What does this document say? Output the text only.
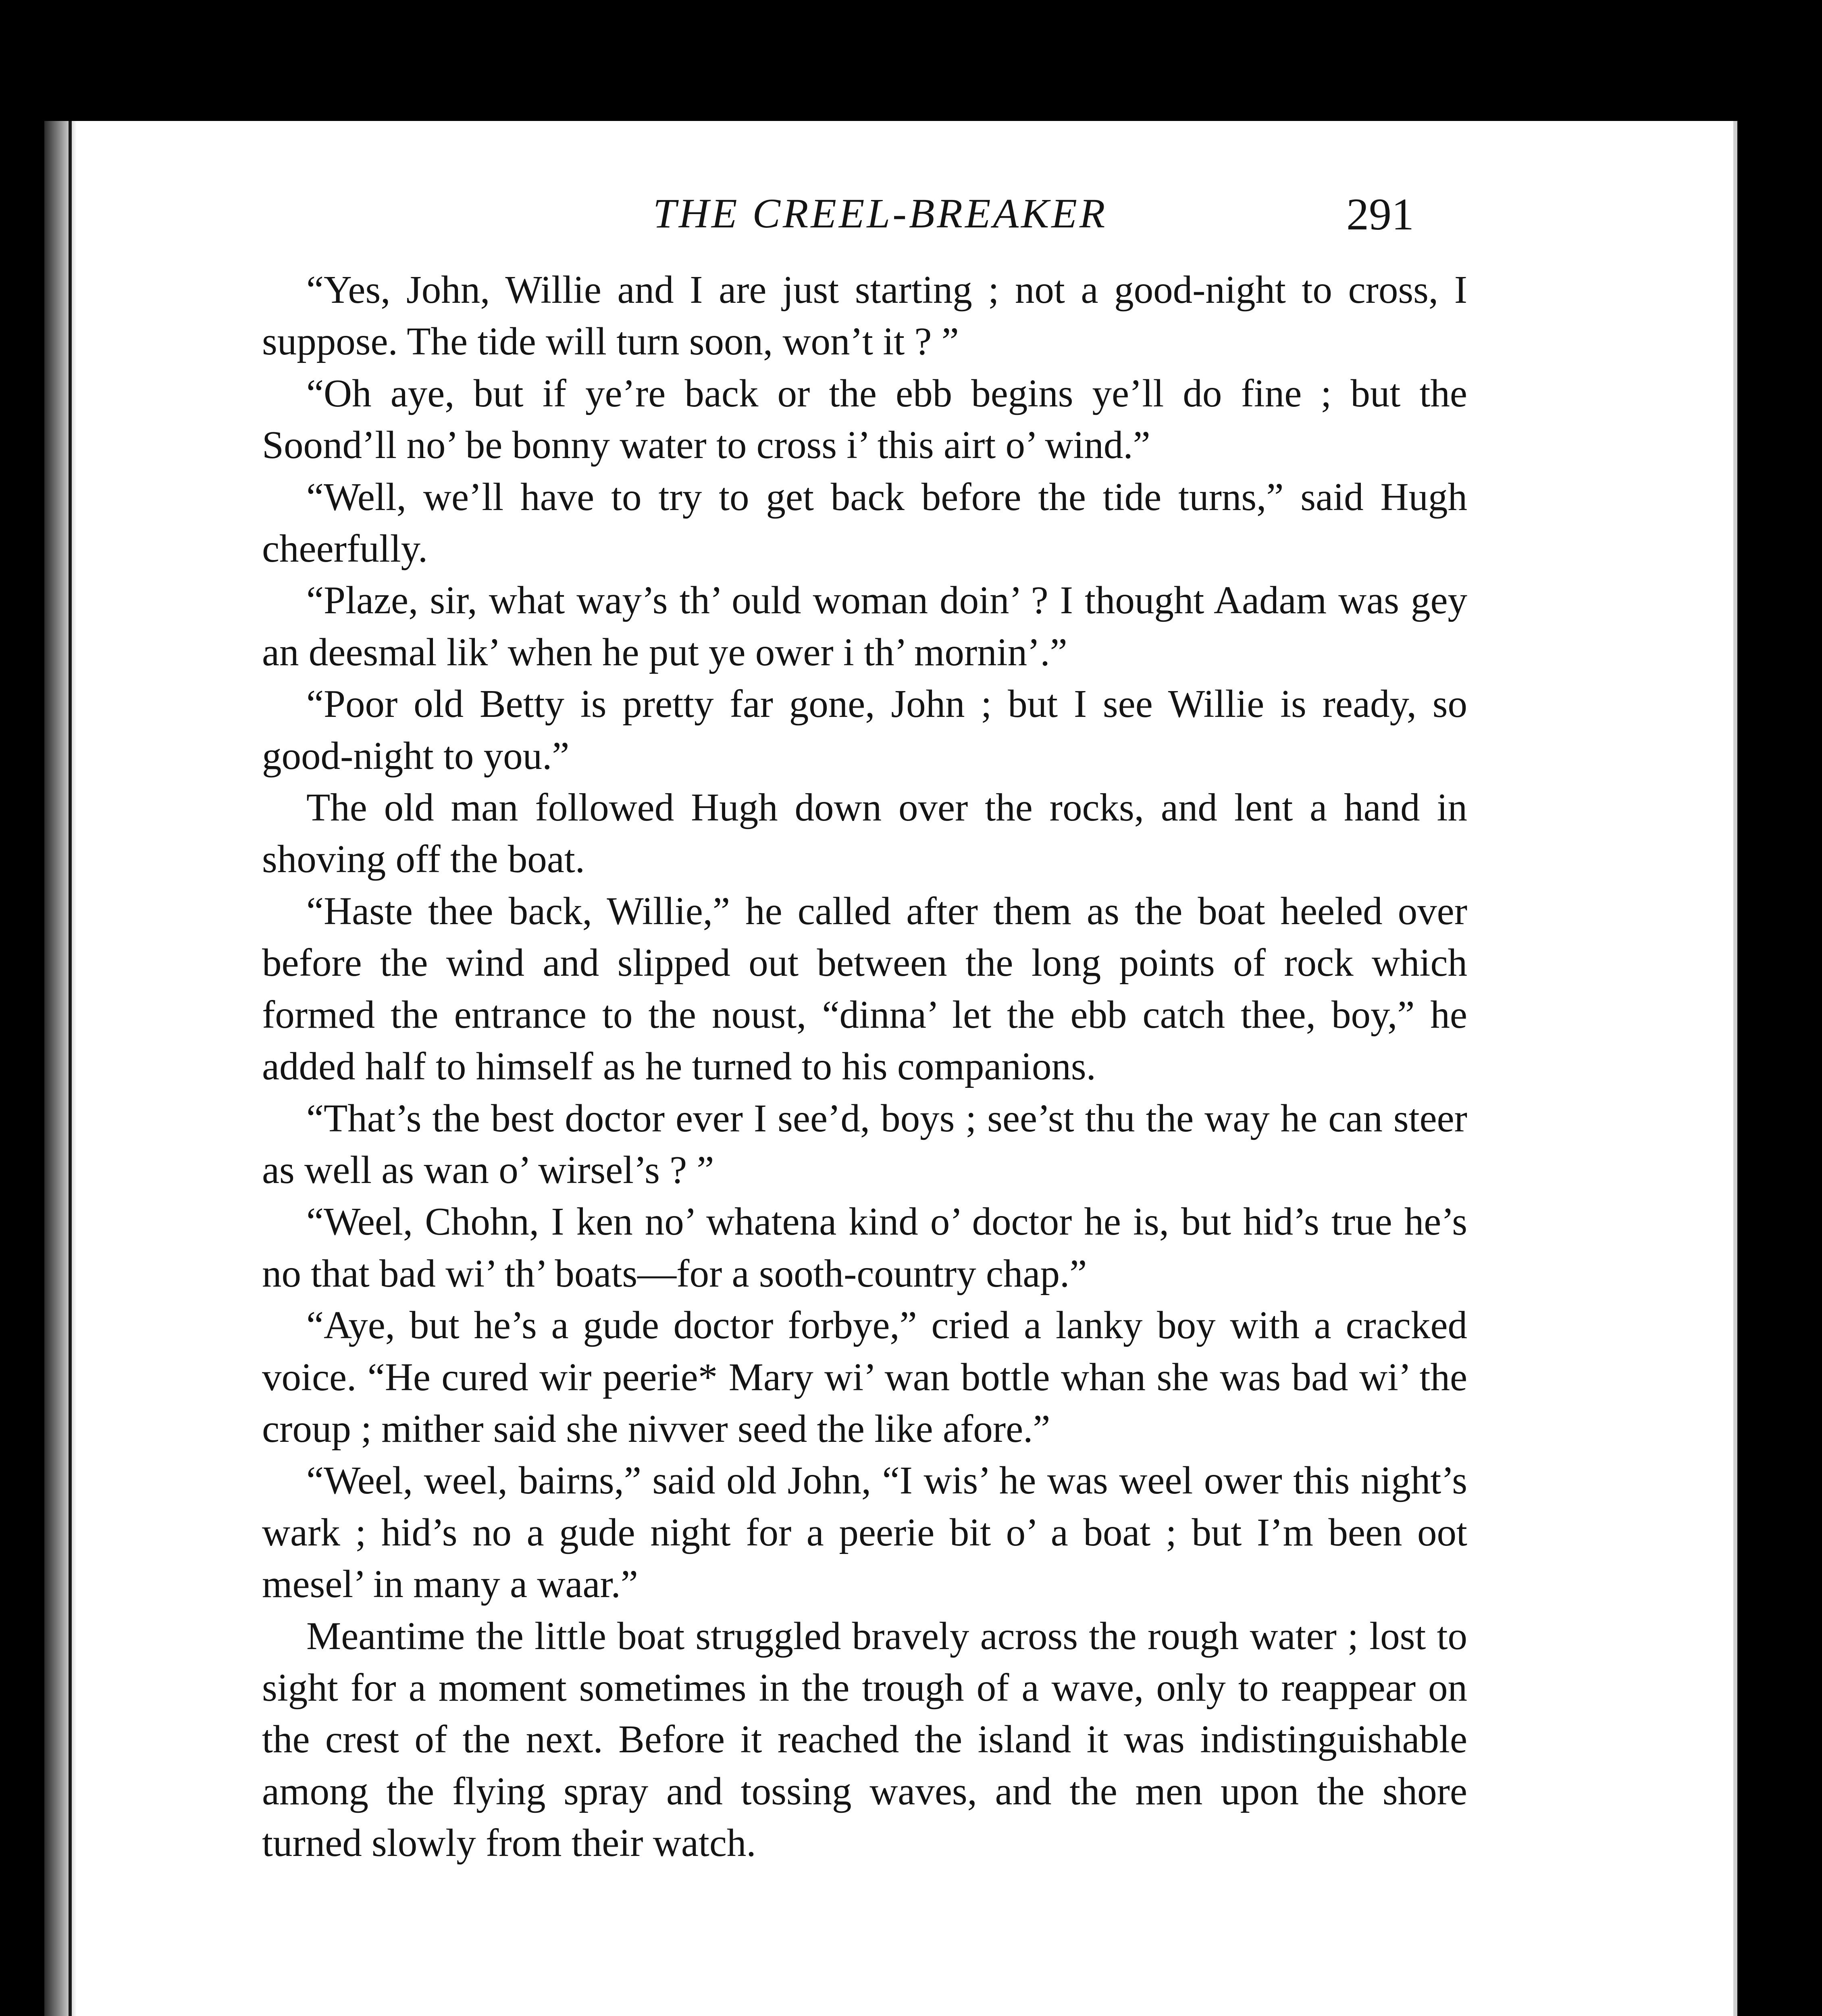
THE CREEL-BREAKER	291

“Yes, John, Willie and I are just starting ; not a good-night to cross, I suppose. The tide will turn soon, won’t it ? ”

“Oh aye, but if ye’re back or the ebb begins ye’ll do fine ; but the Soond’ll no’ be bonny water to cross i’ this airt o’ wind.”

“Well, we’ll have to try to get back before the tide turns,” said Hugh cheerfully.

“Plaze, sir, what way’s th’ ould woman doin’ ? I thought Aadam was gey an deesmal lik’ when he put ye ower i th’ mornin’.”

“Poor old Betty is pretty far gone, John ; but I see Willie is ready, so good-night to you.”

The old man followed Hugh down over the rocks, and lent a hand in shoving off the boat.

“Haste thee back, Willie,” he called after them as the boat heeled over before the wind and slipped out between the long points of rock which formed the entrance to the noust, “dinna’ let the ebb catch thee, boy,” he added half to himself as he turned to his companions.

“That’s the best doctor ever I see’d, boys ; see’st thu the way he can steer as well as wan o’ wirsel’s ? ”

“Weel, Chohn, I ken no’ whatena kind o’ doctor he is, but hid’s true he’s no that bad wi’ th’ boats—for a sooth-country chap.”

“Aye, but he’s a gude doctor forbye,” cried a lanky boy with a cracked voice. “He cured wir peerie* Mary wi’ wan bottle whan she was bad wi’ the croup ; mither said she nivver seed the like afore.”

“Weel, weel, bairns,” said old John, “I wis’ he was weel ower this night’s wark ; hid’s no a gude night for a peerie bit o’ a boat ; but I’m been oot mesel’ in many a waar.”

Meantime the little boat struggled bravely across the rough water ; lost to sight for a moment sometimes in the trough of a wave, only to reappear on the crest of the next. Before it reached the island it was indistinguishable among the flying spray and tossing waves, and the men upon the shore turned slowly from their watch.
